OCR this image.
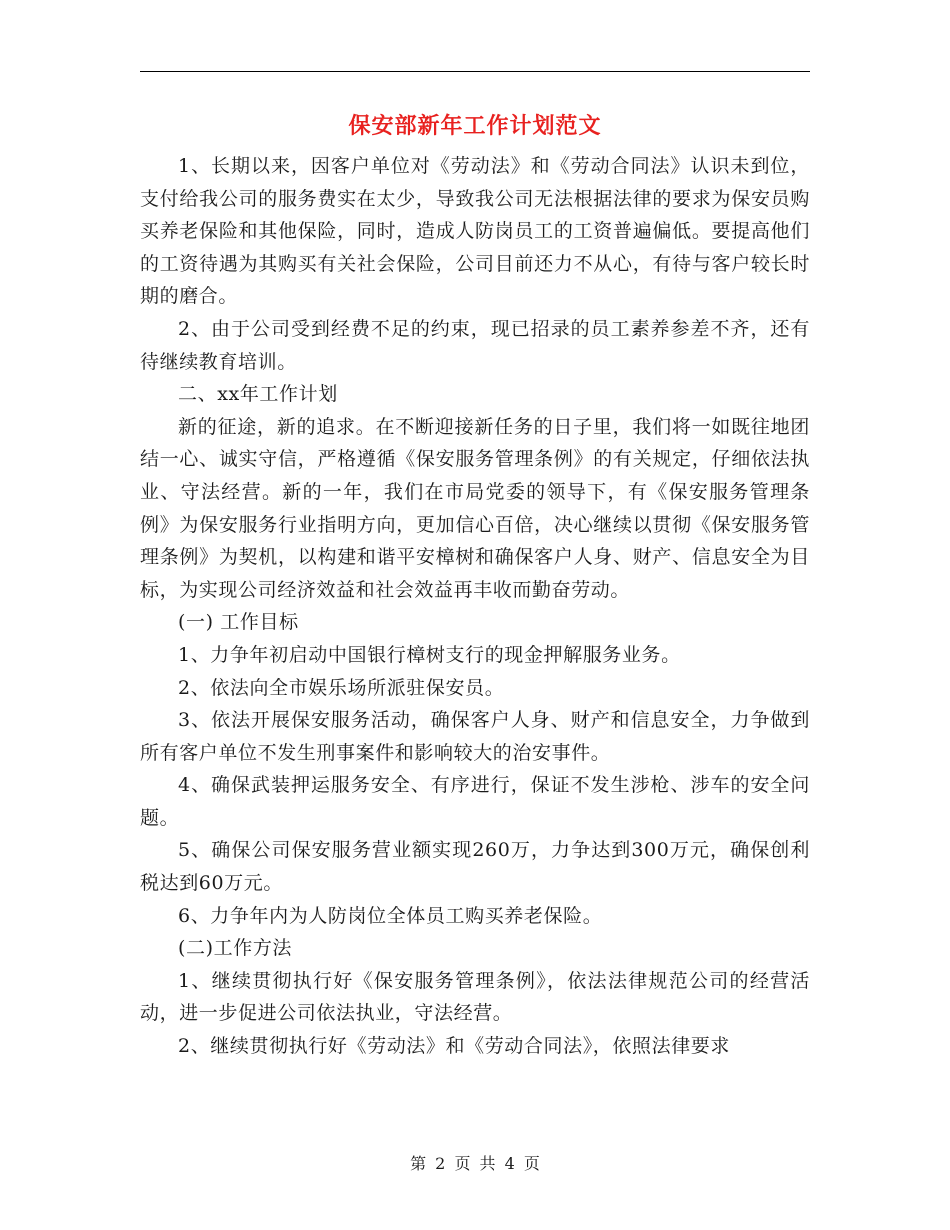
保安部新年工作计划范文

1、长期以来，因客户单位对《劳动法》和《劳动合同法》认识未到位，支付给我公司的服务费实在太少，导致我公司无法根据法律的要求为保安员购买养老保险和其他保险，同时，造成人防岗员工的工资普遍偏低。要提高他们的工资待遇为其购买有关社会保险，公司目前还力不从心，有待与客户较长时期的磨合。

2、由于公司受到经费不足的约束，现已招录的员工素养参差不齐，还有待继续教育培训。

二、xx年工作计划

新的征途，新的追求。在不断迎接新任务的日子里，我们将一如既往地团结一心、诚实守信，严格遵循《保安服务管理条例》的有关规定，仔细依法执业、守法经营。新的一年，我们在市局党委的领导下，有《保安服务管理条例》为保安服务行业指明方向，更加信心百倍，决心继续以贯彻《保安服务管理条例》为契机，以构建和谐平安樟树和确保客户人身、财产、信息安全为目标，为实现公司经济效益和社会效益再丰收而勤奋劳动。

(一) 工作目标

1、力争年初启动中国银行樟树支行的现金押解服务业务。

2、依法向全市娱乐场所派驻保安员。

3、依法开展保安服务活动，确保客户人身、财产和信息安全，力争做到所有客户单位不发生刑事案件和影响较大的治安事件。

4、确保武装押运服务安全、有序进行，保证不发生涉枪、涉车的安全问题。

5、确保公司保安服务营业额实现260万，力争达到300万元，确保创利税达到60万元。

6、力争年内为人防岗位全体员工购买养老保险。

(二)工作方法

1、继续贯彻执行好《保安服务管理条例》，依法法律规范公司的经营活动，进一步促进公司依法执业，守法经营。

2、继续贯彻执行好《劳动法》和《劳动合同法》，依照法律要求

第 2 页 共 4 页
